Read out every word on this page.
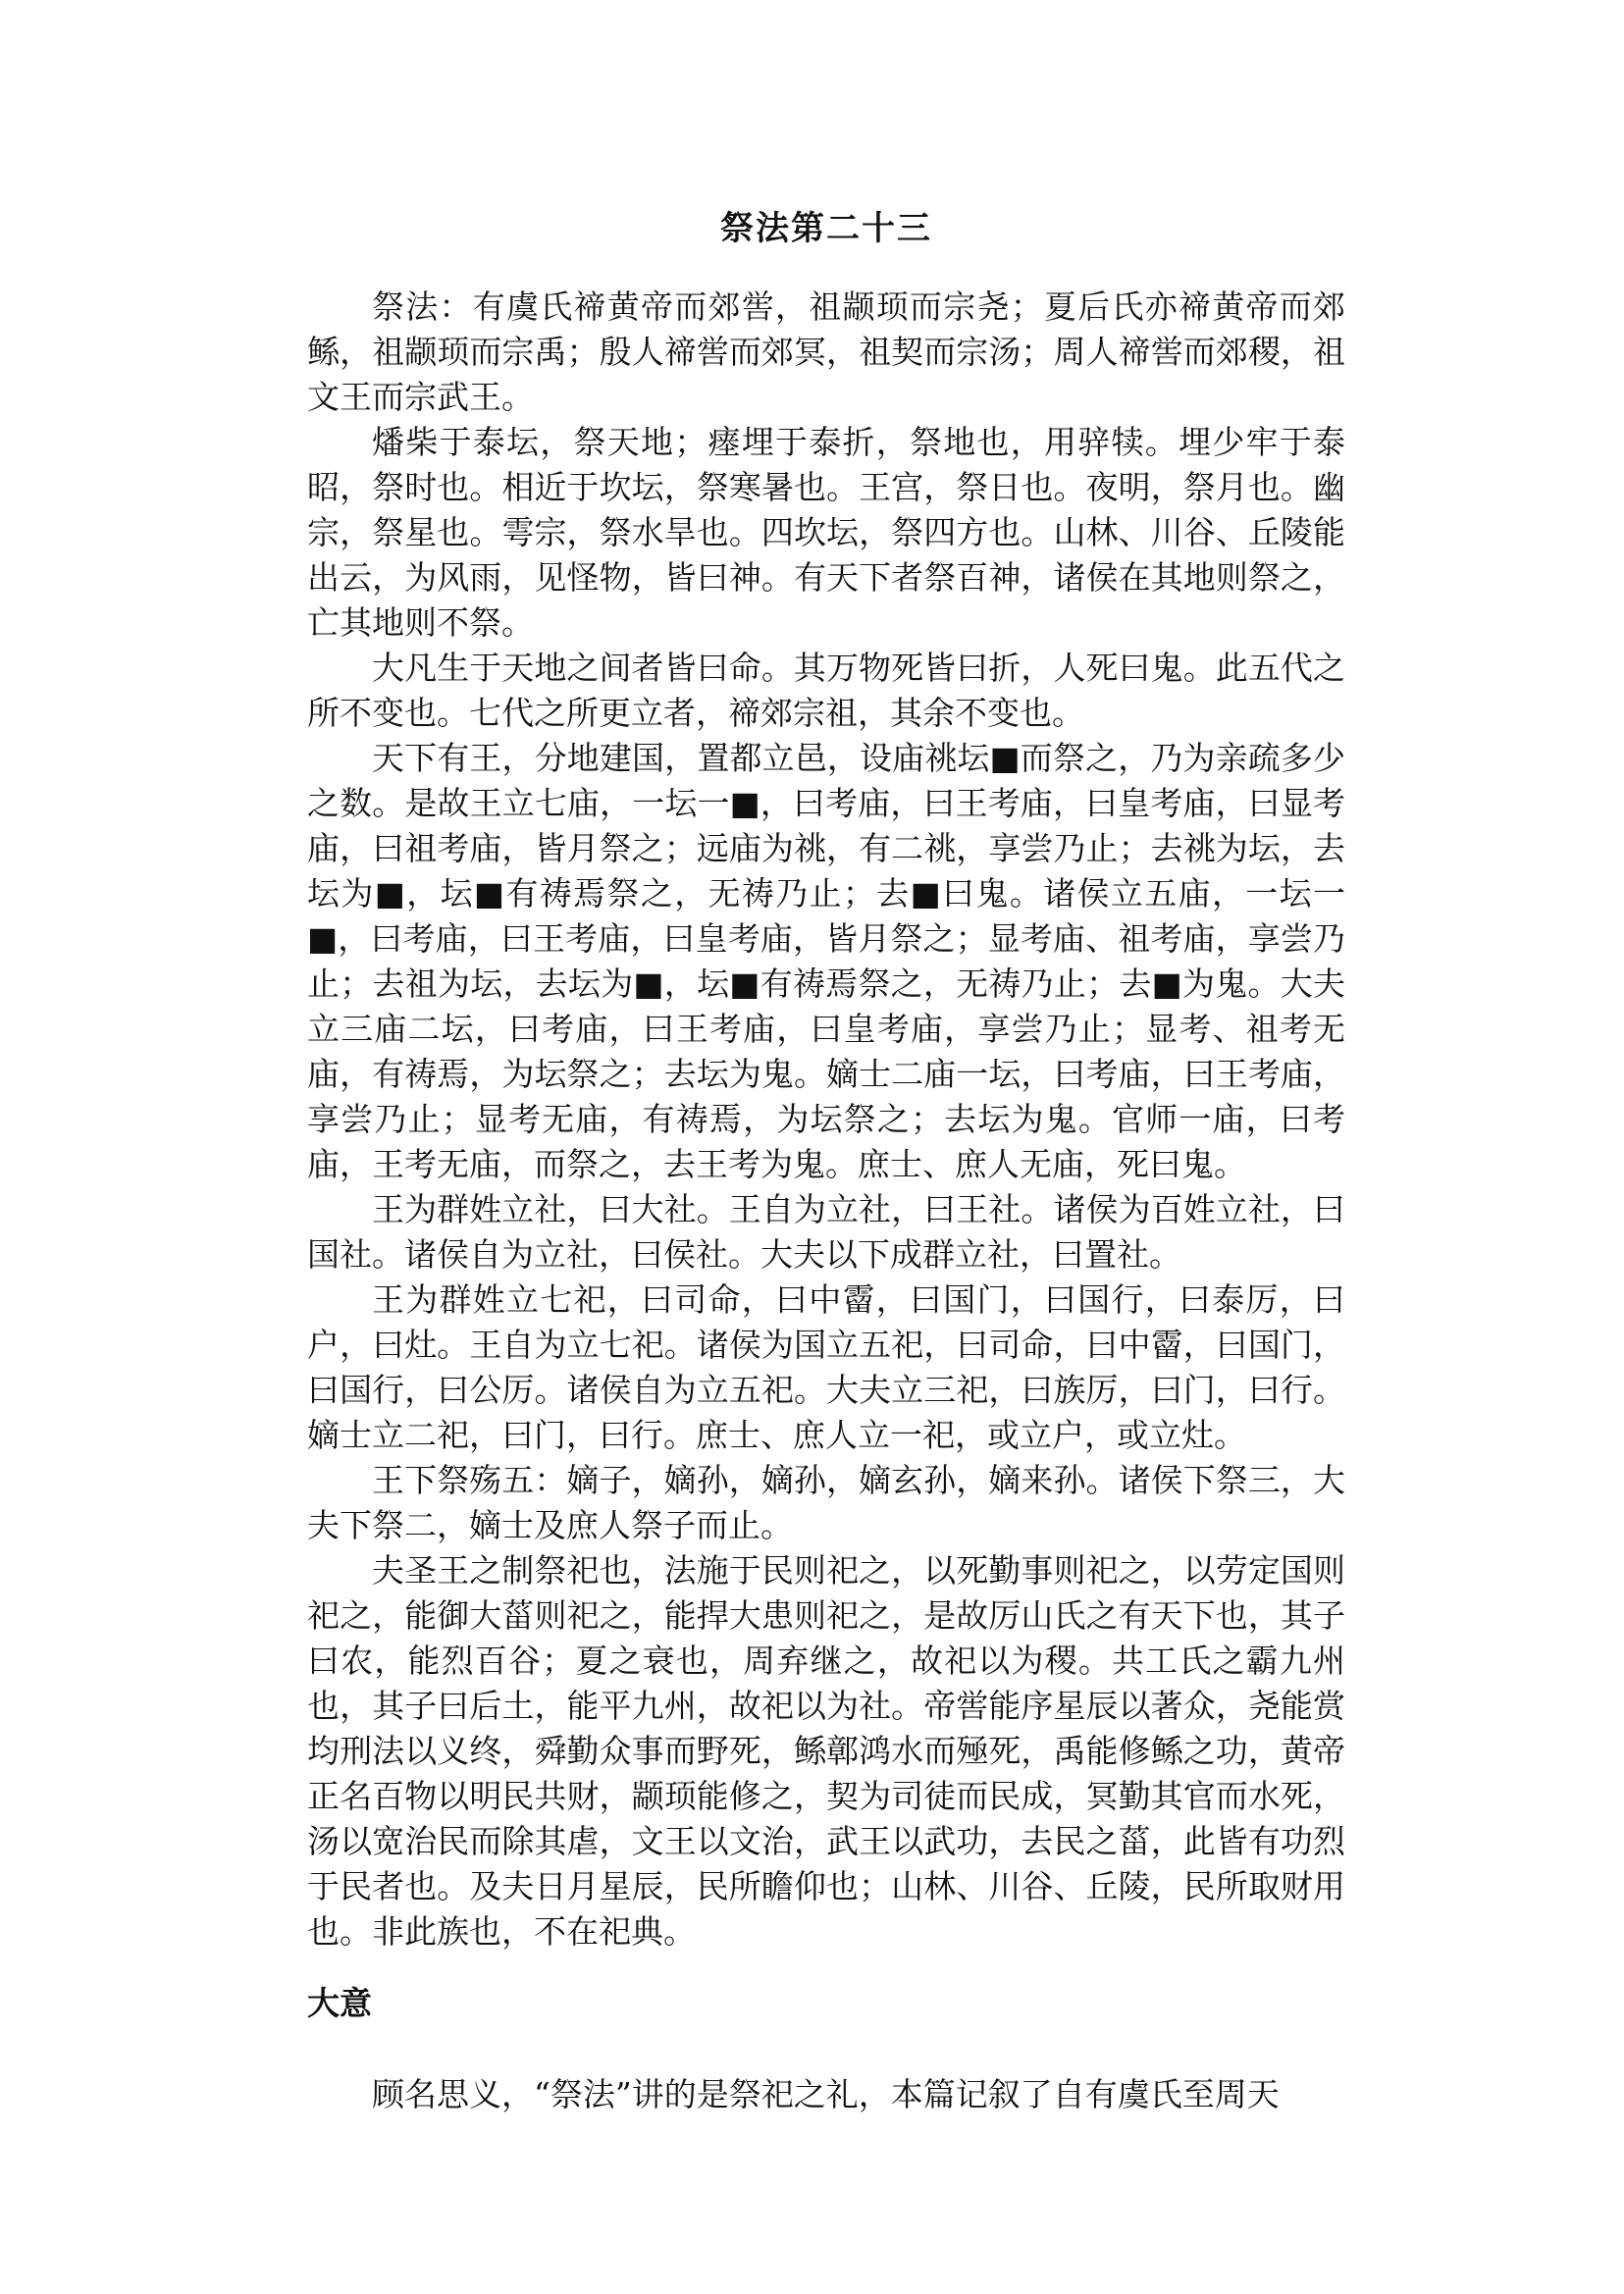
祭法第二十三

祭法：有虞氏禘黄帝而郊喾，祖颛顼而宗尧；夏后氏亦禘黄帝而郊鲧，祖颛顼而宗禹；殷人禘喾而郊冥，祖契而宗汤；周人禘喾而郊稷，祖文王而宗武王。

燔柴于泰坛，祭天地；瘗埋于泰折，祭地也，用骍犊。埋少牢于泰昭，祭时也。相近于坎坛，祭寒暑也。王宫，祭日也。夜明，祭月也。幽宗，祭星也。雩宗，祭水旱也。四坎坛，祭四方也。山林、川谷、丘陵能出云，为风雨，见怪物，皆曰神。有天下者祭百神，诸侯在其地则祭之，亡其地则不祭。

大凡生于天地之间者皆曰命。其万物死皆曰折，人死曰鬼。此五代之所不变也。七代之所更立者，禘郊宗祖，其余不变也。

天下有王，分地建国，置都立邑，设庙祧坛■而祭之，乃为亲疏多少之数。是故王立七庙，一坛一■，曰考庙，曰王考庙，曰皇考庙，曰显考庙，曰祖考庙，皆月祭之；远庙为祧，有二祧，享尝乃止；去祧为坛，去坛为■，坛■有祷焉祭之，无祷乃止；去■曰鬼。诸侯立五庙，一坛一■，曰考庙，曰王考庙，曰皇考庙，皆月祭之；显考庙、祖考庙，享尝乃止；去祖为坛，去坛为■，坛■有祷焉祭之，无祷乃止；去■为鬼。大夫立三庙二坛，曰考庙，曰王考庙，曰皇考庙，享尝乃止；显考、祖考无庙，有祷焉，为坛祭之；去坛为鬼。嫡士二庙一坛，曰考庙，曰王考庙，享尝乃止；显考无庙，有祷焉，为坛祭之；去坛为鬼。官师一庙，曰考庙，王考无庙，而祭之，去王考为鬼。庶士、庶人无庙，死曰鬼。

王为群姓立社，曰大社。王自为立社，曰王社。诸侯为百姓立社，曰国社。诸侯自为立社，曰侯社。大夫以下成群立社，曰置社。

王为群姓立七祀，曰司命，曰中霤，曰国门，曰国行，曰泰厉，曰户，曰灶。王自为立七祀。诸侯为国立五祀，曰司命，曰中霤，曰国门，曰国行，曰公厉。诸侯自为立五祀。大夫立三祀，曰族厉，曰门，曰行。嫡士立二祀，曰门，曰行。庶士、庶人立一祀，或立户，或立灶。

王下祭殇五：嫡子，嫡孙，嫡孙，嫡玄孙，嫡来孙。诸侯下祭三，大夫下祭二，嫡士及庶人祭子而止。

夫圣王之制祭祀也，法施于民则祀之，以死勤事则祀之，以劳定国则祀之，能御大菑则祀之，能捍大患则祀之，是故厉山氏之有天下也，其子曰农，能烈百谷；夏之衰也，周弃继之，故祀以为稷。共工氏之霸九州也，其子曰后土，能平九州，故祀以为社。帝喾能序星辰以著众，尧能赏均刑法以义终，舜勤众事而野死，鲧鄣鸿水而殛死，禹能修鲧之功，黄帝正名百物以明民共财，颛顼能修之，契为司徒而民成，冥勤其官而水死，汤以宽治民而除其虐，文王以文治，武王以武功，去民之菑，此皆有功烈于民者也。及夫日月星辰，民所瞻仰也；山林、川谷、丘陵，民所取财用也。非此族也，不在祀典。

大意

顾名思义，“祭法”讲的是祭祀之礼，本篇记叙了自有虞氏至周天
